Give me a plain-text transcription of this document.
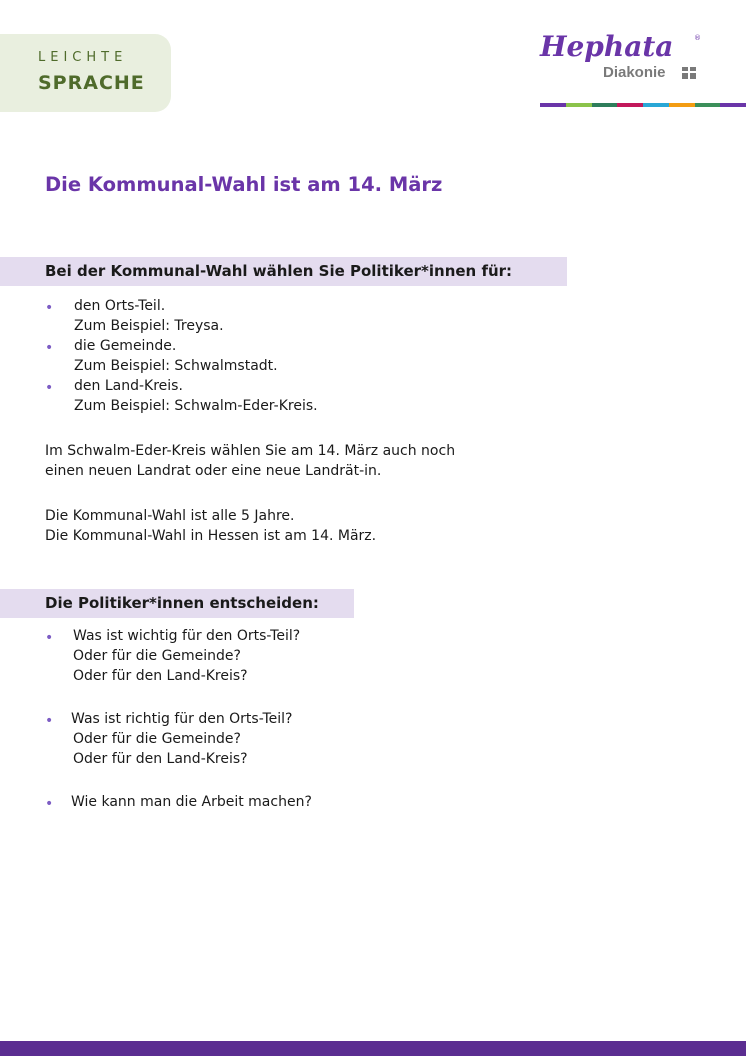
LEICHTE
SPRACHE
Hephata	®
Diakonie
Die Kommunal-Wahl ist am 14. März
Bei der Kommunal-Wahl wählen Sie Politiker*innen für:
• den Orts-Teil.
Zum Beispiel: Treysa.
• die Gemeinde.
Zum Beispiel: Schwalmstadt.
• den Land-Kreis.
Zum Beispiel: Schwalm-Eder-Kreis.
Im Schwalm-Eder-Kreis wählen Sie am 14. März auch noch
einen neuen Landrat oder eine neue Landrät-in.
Die Kommunal-Wahl ist alle 5 Jahre.
Die Kommunal-Wahl in Hessen ist am 14. März.
Die Politiker*innen entscheiden:
• Was ist wichtig für den Orts-Teil?
Oder für die Gemeinde?
Oder für den Land-Kreis?
• Was ist richtig für den Orts-Teil?
Oder für die Gemeinde?
Oder für den Land-Kreis?
• Wie kann man die Arbeit machen?
